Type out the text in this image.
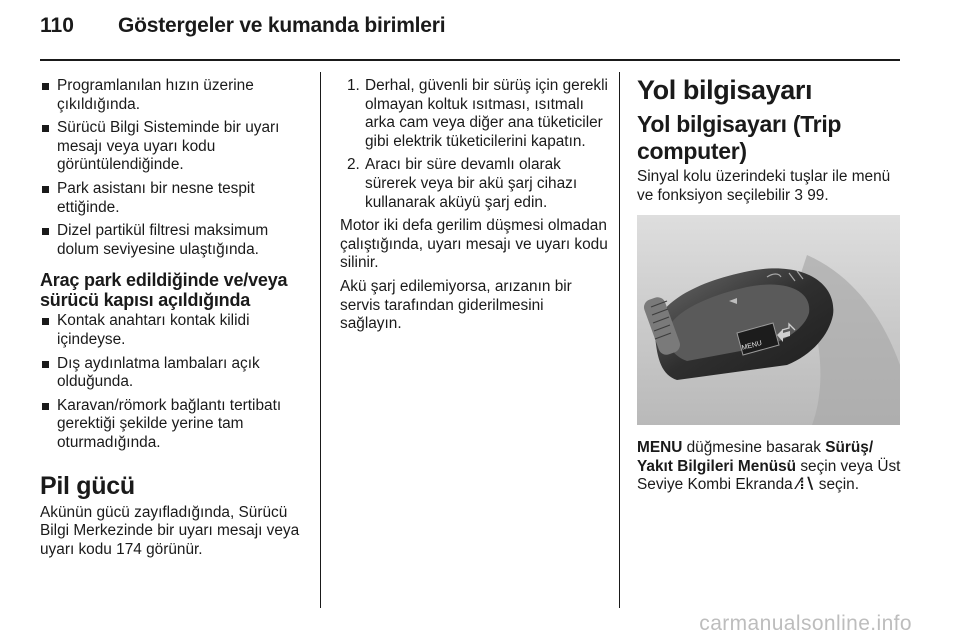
110 Göstergeler ve kumanda birimleri
Programlanılan hızın üzerine çıkıldığında.
Sürücü Bilgi Sisteminde bir uyarı mesajı veya uyarı kodu görüntülendiğinde.
Park asistanı bir nesne tespit ettiğinde.
Dizel partikül filtresi maksimum dolum seviyesine ulaştığında.
Araç park edildiğinde ve/veya sürücü kapısı açıldığında
Kontak anahtarı kontak kilidi içindeyse.
Dış aydınlatma lambaları açık olduğunda.
Karavan/römork bağlantı tertibatı gerektiği şekilde yerine tam oturmadığında.
Pil gücü

Akünün gücü zayıfladığında, Sürücü Bilgi Merkezinde bir uyarı mesajı veya uyarı kodu 174 görünür.

1. Derhal, güvenli bir sürüş için gerekli olmayan koltuk ısıtması, ısıtmalı arka cam veya diğer ana tüketiciler gibi elektrik tüketicilerini kapatın.
2. Aracı bir süre devamlı olarak sürerek veya bir akü şarj cihazı kullanarak aküyü şarj edin.

Motor iki defa gerilim düşmesi olmadan çalıştığında, uyarı mesajı ve uyarı kodu silinir.

Akü şarj edilemiyorsa, arızanın bir servis tarafından giderilmesini sağlayın.

Yol bilgisayarı
Yol bilgisayarı (Trip computer)

Sinyal kolu üzerindeki tuşlar ile menü ve fonksiyon seçilebilir 3 99.

MENU

MENU düğmesine basarak Sürüş/ Yakıt Bilgileri Menüsü seçin veya Üst Seviye Kombi Ekranda ⁄⁞∖ seçin.

carmanualsonline.info
